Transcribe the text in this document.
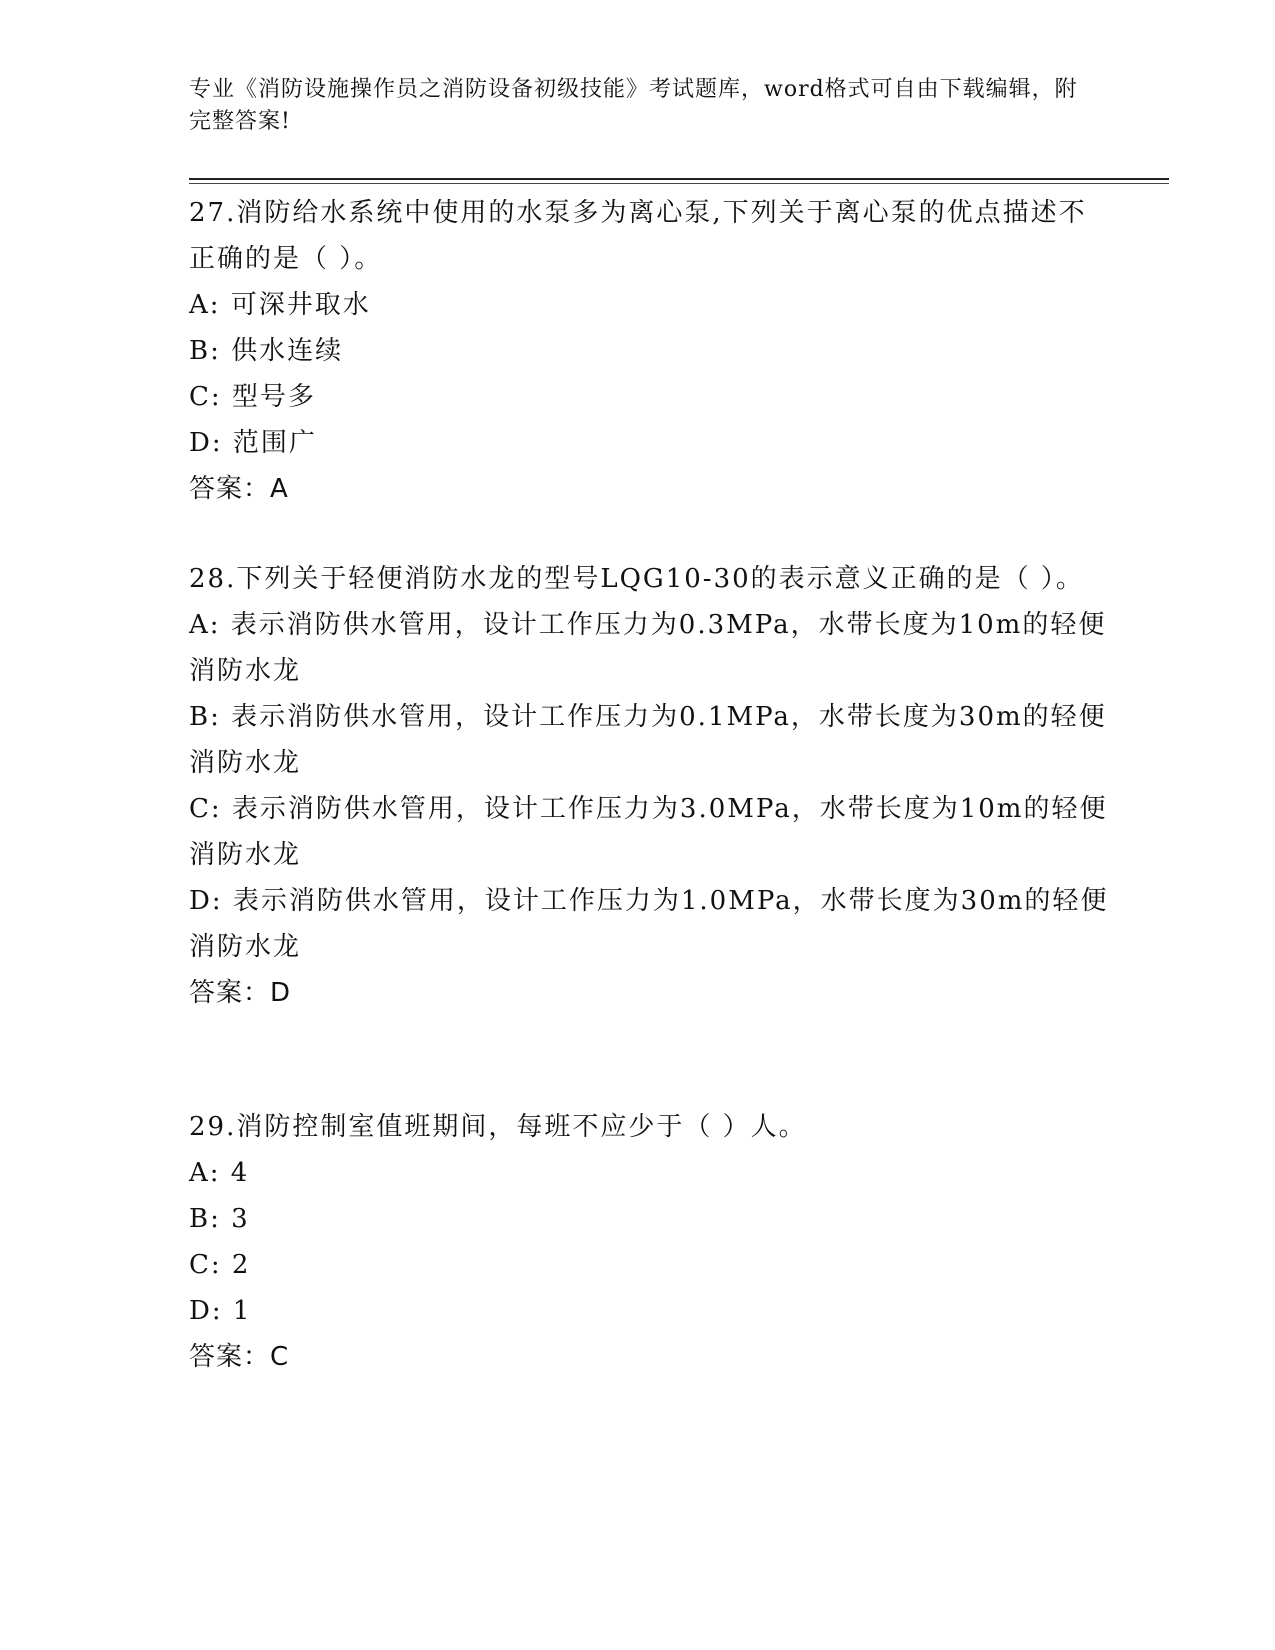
专业《消防设施操作员之消防设备初级技能》考试题库，word格式可自由下载编辑，附完整答案!
27.消防给水系统中使用的水泵多为离心泵,下列关于离心泵的优点描述不正确的是（ ）。
A: 可深井取水
B: 供水连续
C: 型号多
D: 范围广
答案：A
28.下列关于轻便消防水龙的型号LQG10-30的表示意义正确的是（ ）。
A: 表示消防供水管用，设计工作压力为0.3MPa，水带长度为10m的轻便消防水龙
B: 表示消防供水管用，设计工作压力为0.1MPa，水带长度为30m的轻便消防水龙
C: 表示消防供水管用，设计工作压力为3.0MPa，水带长度为10m的轻便消防水龙
D: 表示消防供水管用，设计工作压力为1.0MPa，水带长度为30m的轻便消防水龙
答案：D
29.消防控制室值班期间，每班不应少于（ ）人。
A: 4
B: 3
C: 2
D: 1
答案：C
